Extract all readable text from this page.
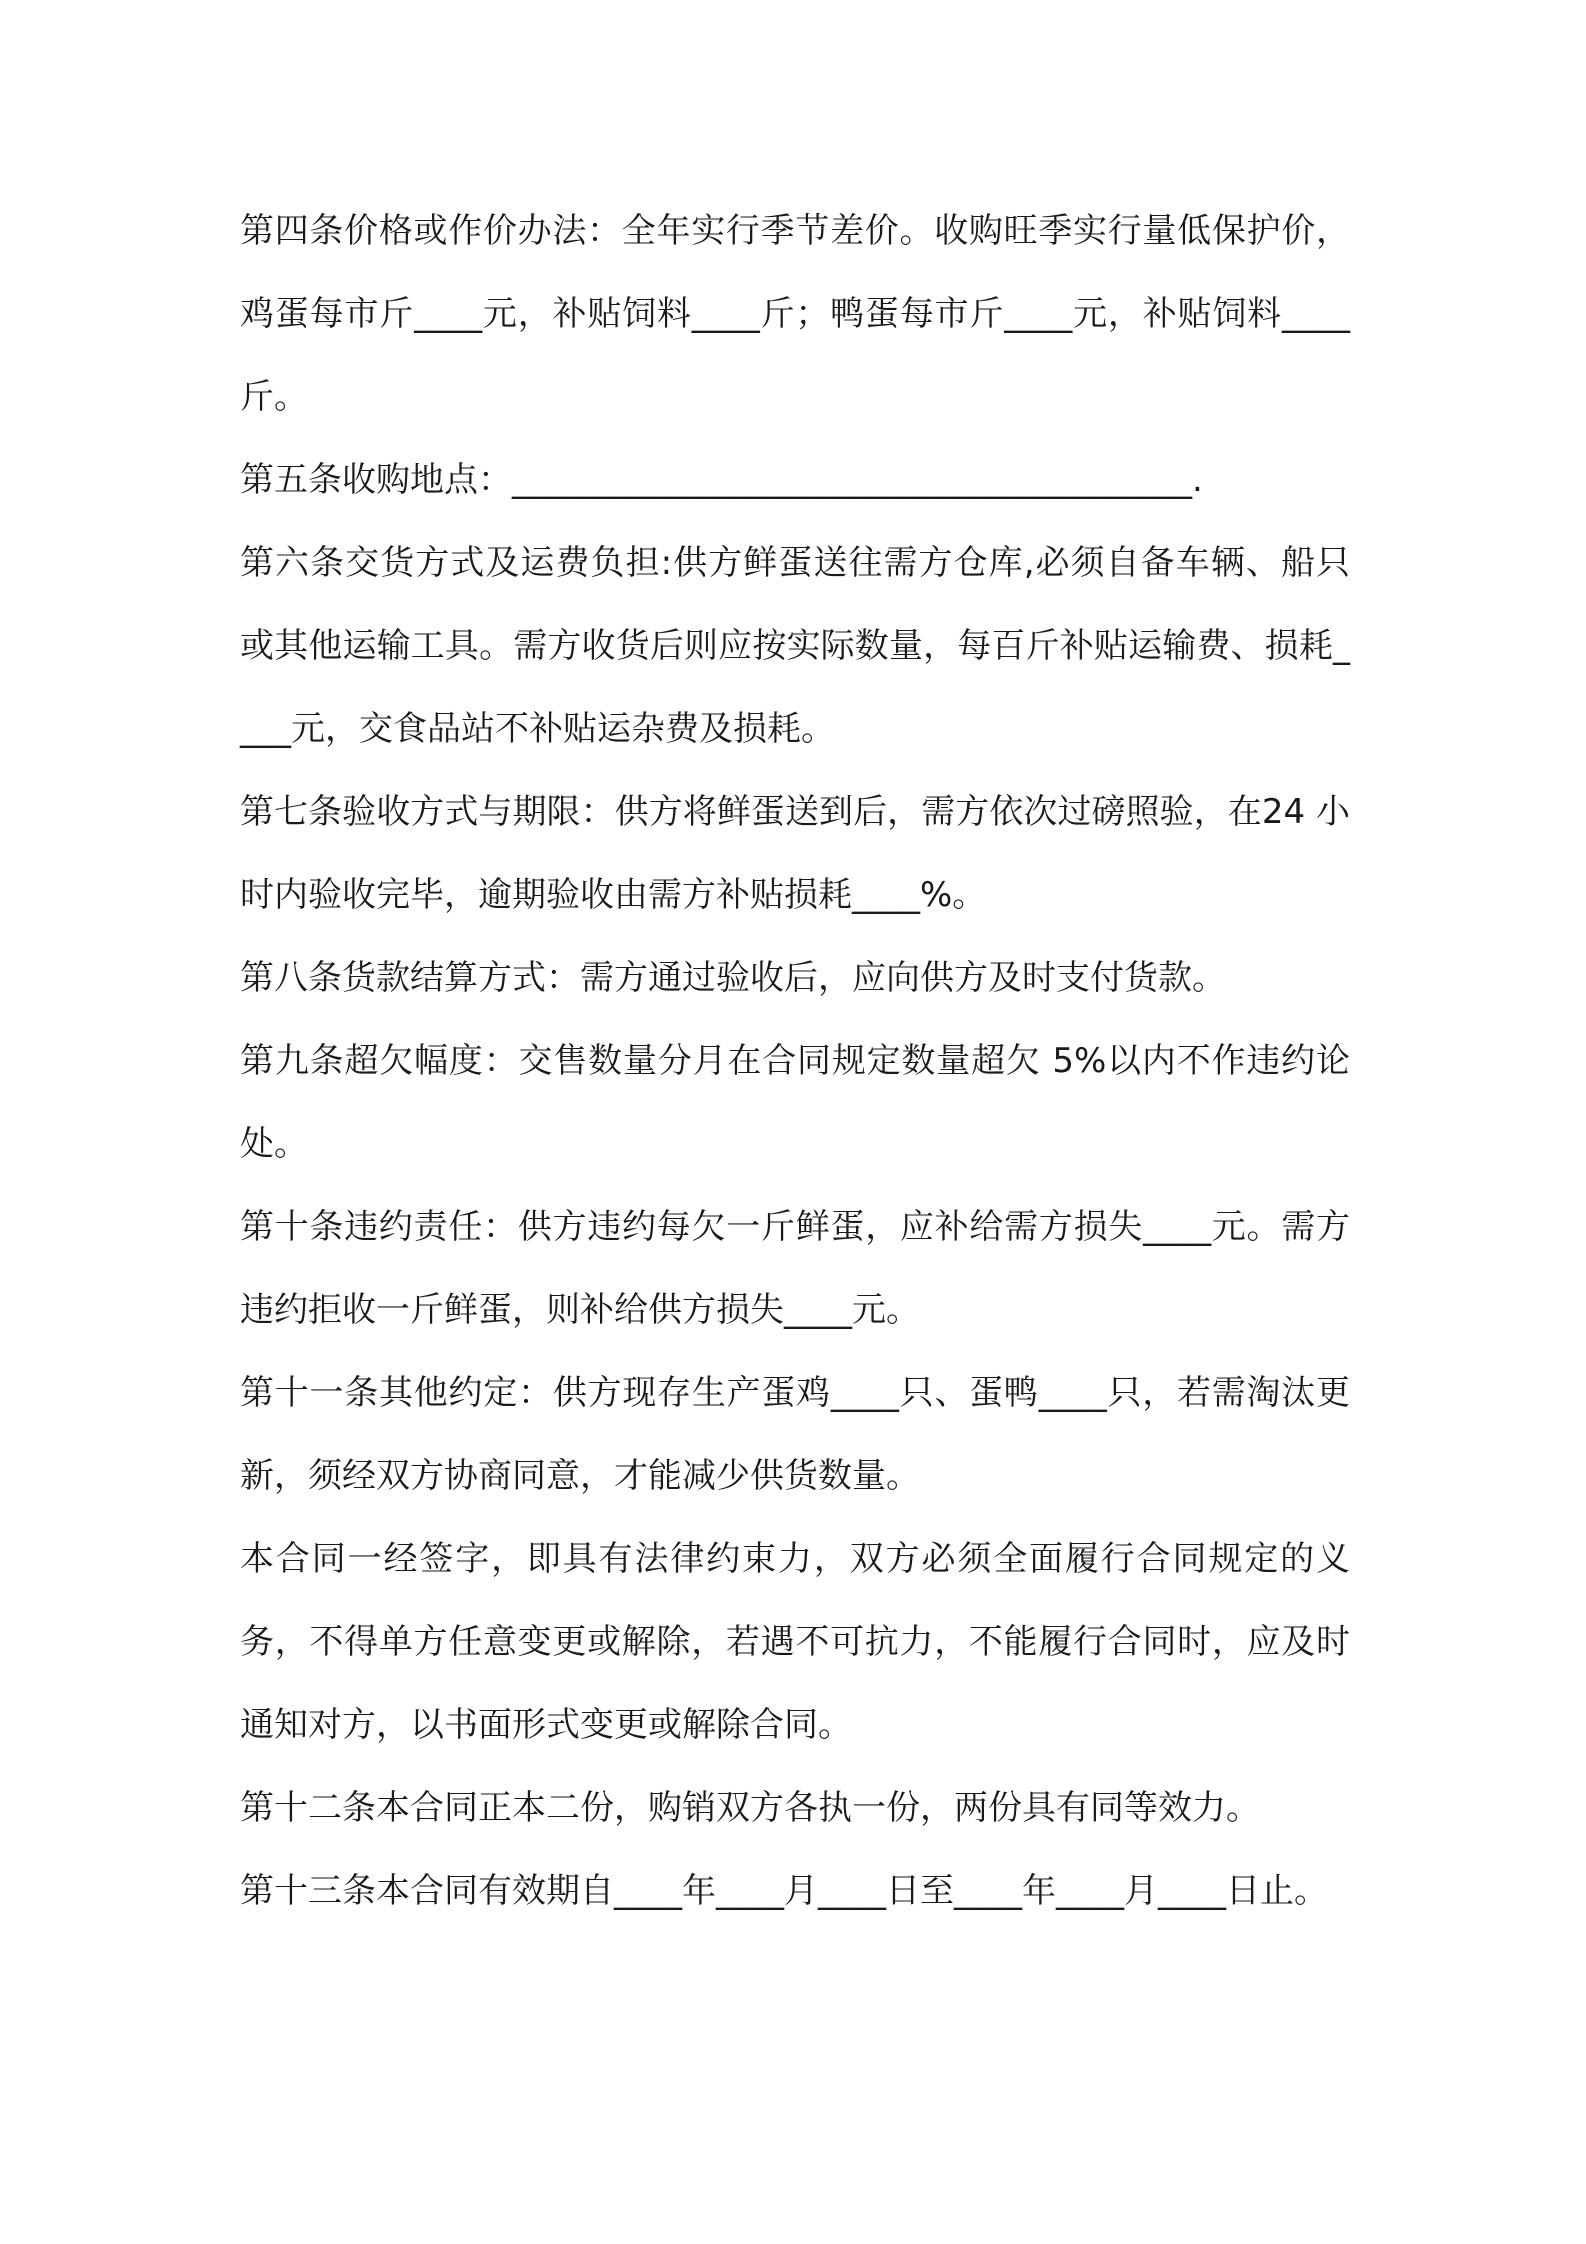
第四条价格或作价办法：全年实行季节差价。收购旺季实行量低保护价，鸡蛋每市斤____元，补贴饲料____斤；鸭蛋每市斤____元，补贴饲料____斤。

第五条收购地点：________________________________________.

第六条交货方式及运费负担:供方鲜蛋送往需方仓库,必须自备车辆、船只或其他运输工具。需方收货后则应按实际数量，每百斤补贴运输费、损耗____元，交食品站不补贴运杂费及损耗。

第七条验收方式与期限：供方将鲜蛋送到后，需方依次过磅照验，在24 小时内验收完毕，逾期验收由需方补贴损耗____%。

第八条货款结算方式：需方通过验收后，应向供方及时支付货款。

第九条超欠幅度：交售数量分月在合同规定数量超欠 5%以内不作违约论处。

第十条违约责任：供方违约每欠一斤鲜蛋，应补给需方损失____元。需方违约拒收一斤鲜蛋，则补给供方损失____元。

第十一条其他约定：供方现存生产蛋鸡____只、蛋鸭____只，若需淘汰更新，须经双方协商同意，才能减少供货数量。

本合同一经签字，即具有法律约束力，双方必须全面履行合同规定的义务，不得单方任意变更或解除，若遇不可抗力，不能履行合同时，应及时通知对方，以书面形式变更或解除合同。

第十二条本合同正本二份，购销双方各执一份，两份具有同等效力。

第十三条本合同有效期自____年____月____日至____年____月____日止。
